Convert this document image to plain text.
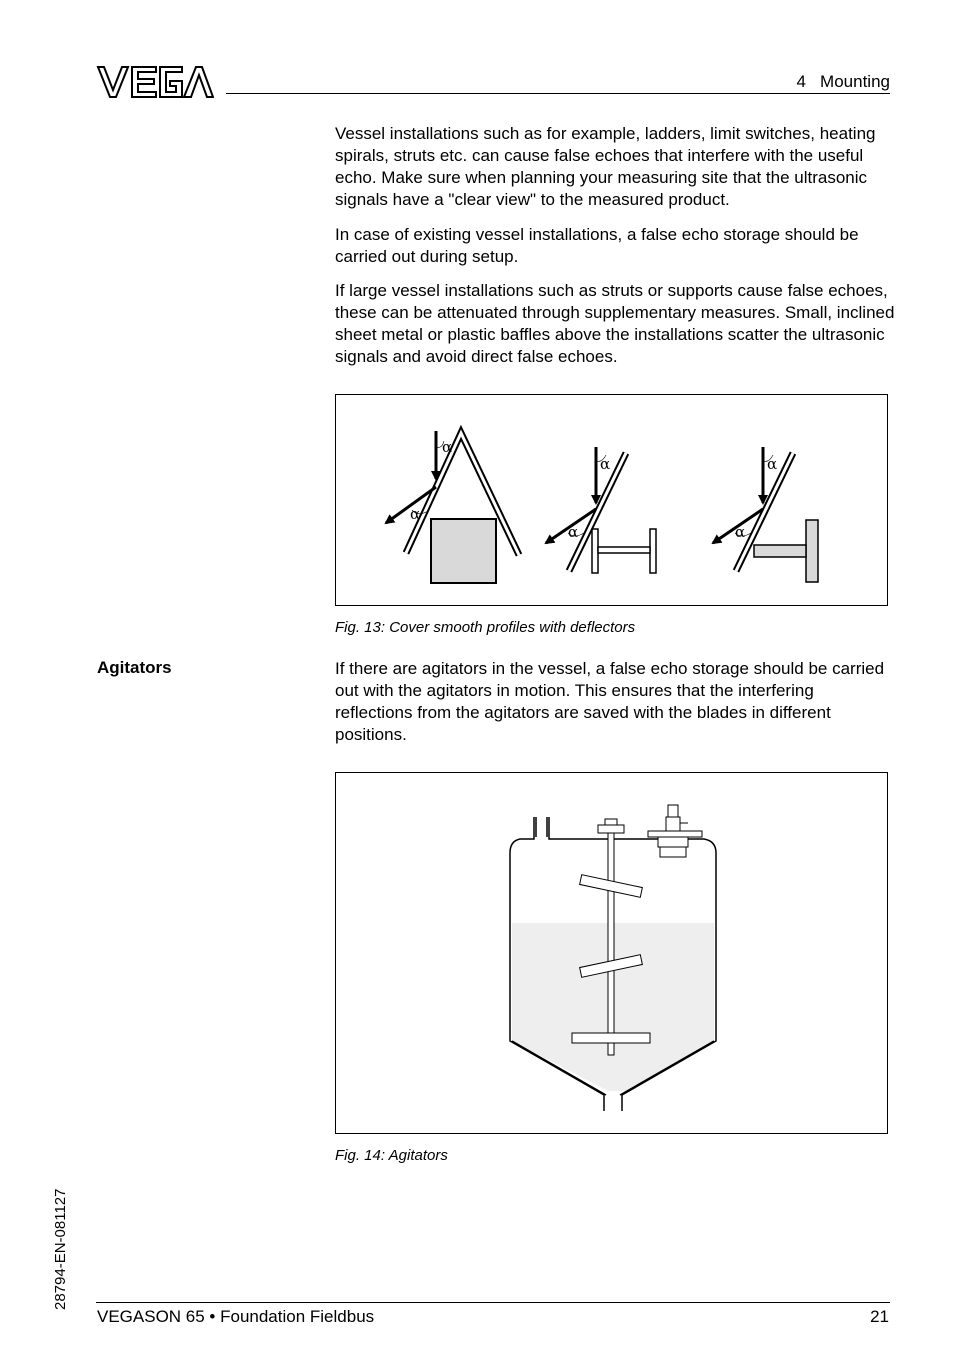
4   Mounting

Vessel installations such as for example, ladders, limit switches, heating spirals, struts etc. can cause false echoes that interfere with the useful echo. Make sure when planning your measuring site that the ultrasonic signals have a "clear view" to the measured product.

In case of existing vessel installations, a false echo storage should be carried out during setup.

If large vessel installations such as struts or supports cause false echoes, these can be attenuated through supplementary measures. Small, inclined sheet metal or plastic baffles above the installations scatter the ultrasonic signals and avoid direct false echoes.

α
α
α
α
α
α
Fig. 13: Cover smooth profiles with deflectors
Agitators	If there are agitators in the vessel, a false echo storage should be carried out with the agitators in motion. This ensures that the interfering reflections from the agitators are saved with the blades in different positions.

Fig. 14: Agitators
28794-EN-081127
VEGASON 65 • Foundation Fieldbus	21
